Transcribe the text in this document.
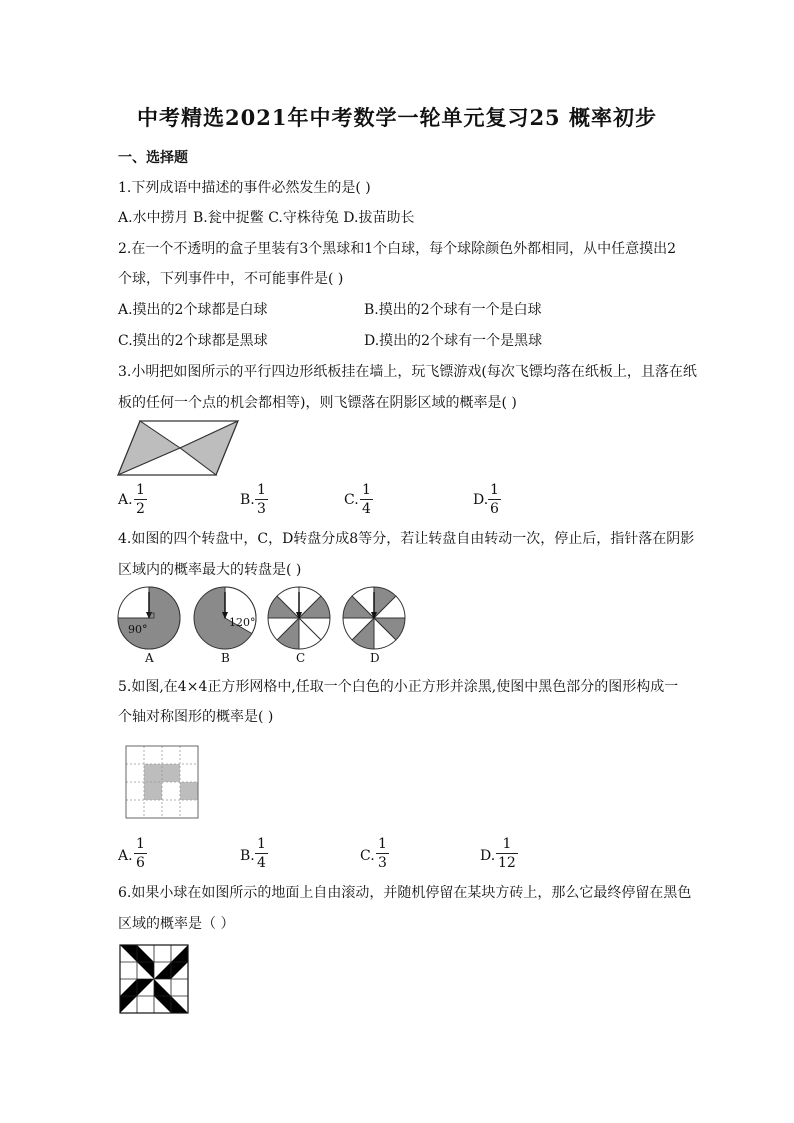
中考精选2021年中考数学一轮单元复习25 概率初步
一、选择题
1.下列成语中描述的事件必然发生的是( )
A.水中捞月 B.瓮中捉鳖 C.守株待兔 D.拔苗助长
2.在一个不透明的盒子里装有3个黑球和1个白球，每个球除颜色外都相同，从中任意摸出2
个球，下列事件中，不可能事件是( )
A.摸出的2个球都是白球	B.摸出的2个球有一个是白球
C.摸出的2个球都是黑球	D.摸出的2个球有一个是黑球
3.小明把如图所示的平行四边形纸板挂在墙上，玩飞镖游戏(每次飞镖均落在纸板上，且落在纸
板的任何一个点的机会都相等)，则飞镖落在阴影区域的概率是( )
A. $\frac{1}{2}$	B. $\frac{1}{3}$	C. $\frac{1}{4}$	D. $\frac{1}{6}$
4.如图的四个转盘中，C，D转盘分成8等分，若让转盘自由转动一次，停止后，指针落在阴影
区域内的概率最大的转盘是( )
90°
120°
A	B	C	D
5.如图,在4×4正方形网格中,任取一个白色的小正方形并涂黑,使图中黑色部分的图形构成一
个轴对称图形的概率是( )
A. $\frac{1}{6}$	B. $\frac{1}{4}$	C. $\frac{1}{3}$	D. $\frac{1}{12}$
6.如果小球在如图所示的地面上自由滚动，并随机停留在某块方砖上，那么它最终停留在黑色
区域的概率是（ ）
